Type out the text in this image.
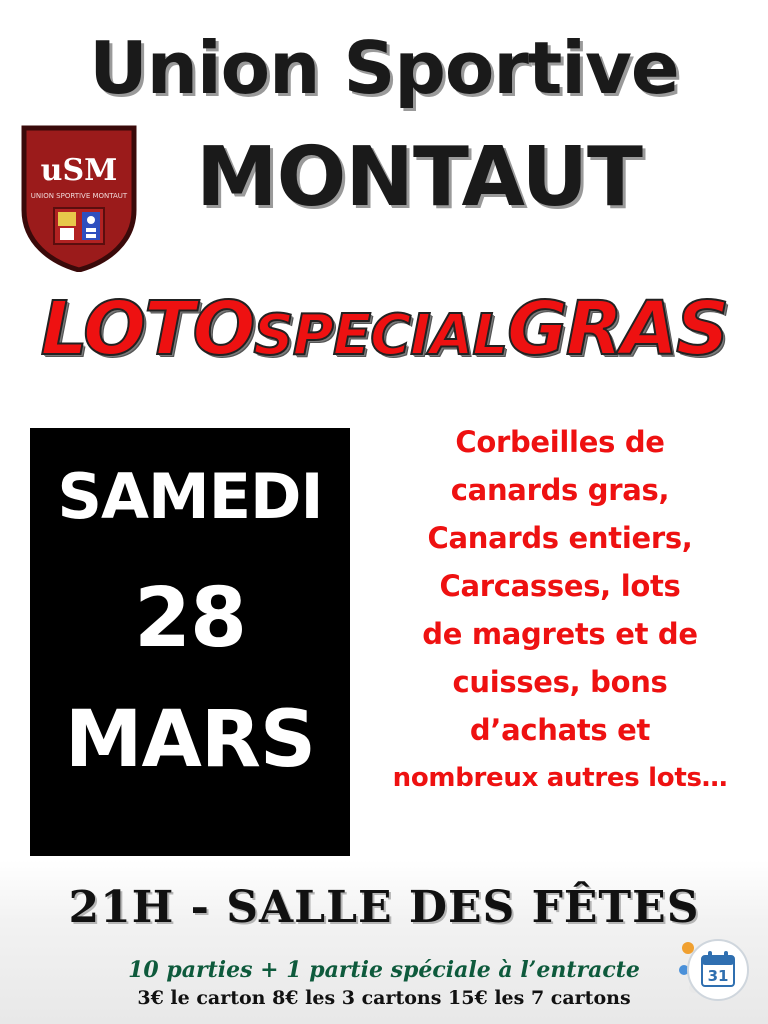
Union Sportive
MONTAUT
uSM
UNION SPORTIVE MONTAUT
LOTOSPECIALGRAS
SAMEDI
28
MARS
Corbeilles de
canards gras,
Canards entiers,
Carcasses, lots
de magrets et de
cuisses, bons
d’achats et
nombreux autres lots…
21H - SALLE DES FÊTES
10 parties + 1 partie spéciale à l’entracte
3€ le carton 8€ les 3 cartons 15€ les 7 cartons
31
